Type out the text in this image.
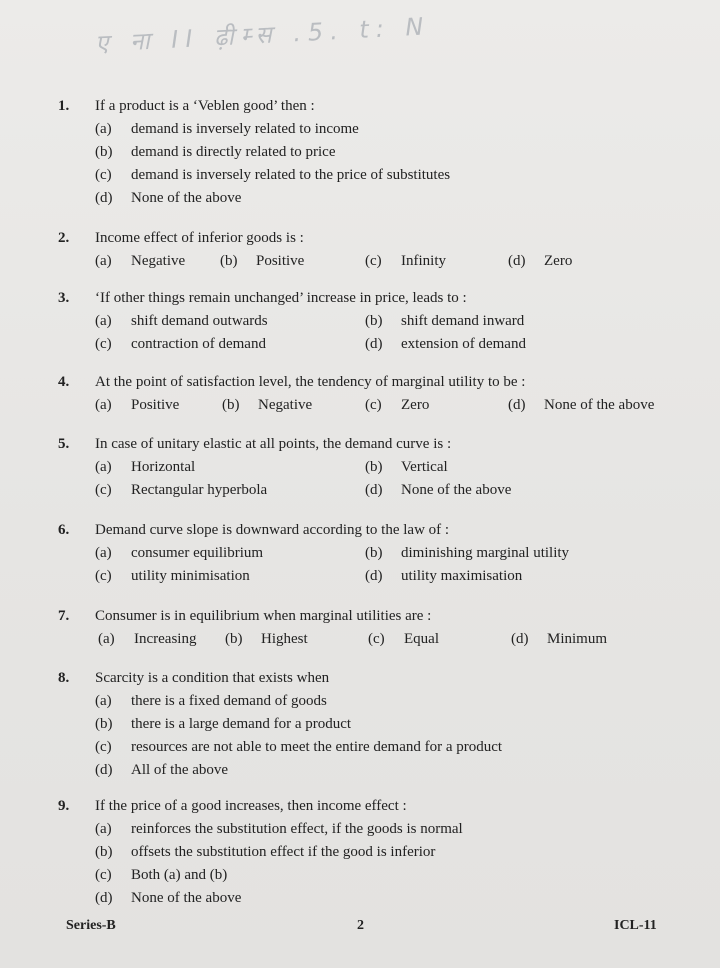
ए ना II ढ़ीम्स .5. t: N
1. If a product is a ‘Veblen good’ then :
(a) demand is inversely related to income
(b) demand is directly related to price
(c) demand is inversely related to the price of substitutes
(d) None of the above
2. Income effect of inferior goods is :
(a) Negative (b) Positive	(c) Infinity	(d) Zero
3. ‘If other things remain unchanged’ increase in price, leads to :
(a) shift demand outwards	(b) shift demand inward
(c) contraction of demand	(d) extension of demand
4. At the point of satisfaction level, the tendency of marginal utility to be :
(a) Positive	(b) Negative	(c) Zero	(d) None of the above
5. In case of unitary elastic at all points, the demand curve is :
(a) Horizontal	(b) Vertical
(c) Rectangular hyperbola	(d) None of the above
6. Demand curve slope is downward according to the law of :
(a) consumer equilibrium	(b) diminishing marginal utility
(c) utility minimisation	(d) utility maximisation
7. Consumer is in equilibrium when marginal utilities are :
(a) Increasing (b) Highest	(c) Equal	(d) Minimum
8. Scarcity is a condition that exists when
(a) there is a fixed demand of goods
(b) there is a large demand for a product
(c) resources are not able to meet the entire demand for a product
(d) All of the above
9. If the price of a good increases, then income effect :
(a) reinforces the substitution effect, if the goods is normal
(b) offsets the substitution effect if the good is inferior
(c) Both (a) and (b)
(d) None of the above
Series-B	2	ICL-11
